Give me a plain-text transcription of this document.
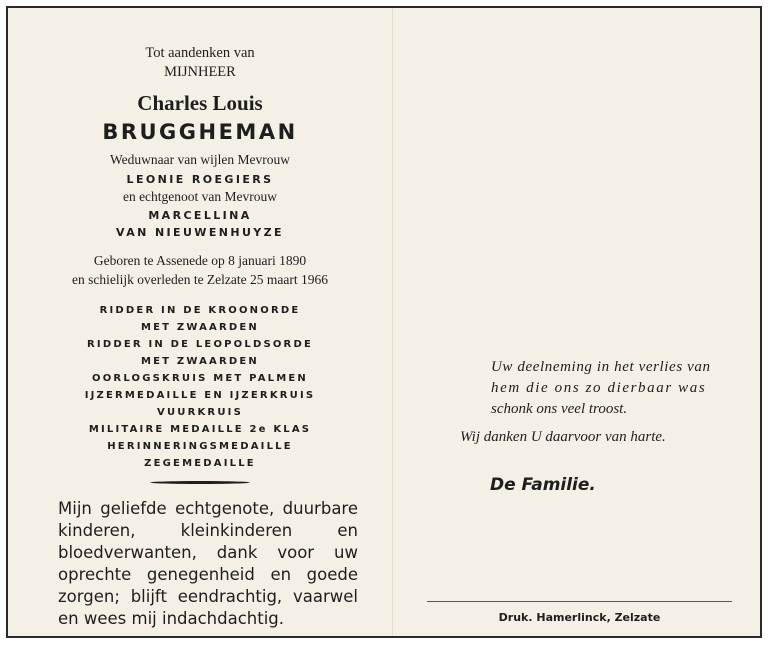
Tot aandenken van
MIJNHEER
Charles Louis
BRUGGHEMAN
Weduwnaar van wijlen Mevrouw
LEONIE ROEGIERS
en echtgenoot van Mevrouw
MARCELLINA
VAN NIEUWENHUYZE
Geboren te Assenede op 8 januari 1890
en schielijk overleden te Zelzate 25 maart 1966
RIDDER IN DE KROONORDE
MET ZWAARDEN
RIDDER IN DE LEOPOLDSORDE
MET ZWAARDEN
OORLOGSKRUIS MET PALMEN
IJZERMEDAILLE EN IJZERKRUIS
VUURKRUIS
MILITAIRE MEDAILLE 2e KLAS
HERINNERINGSMEDAILLE
ZEGEMEDAILLE
Mijn geliefde echtgenote, duurbare kinderen, kleinkinderen en bloedverwanten, dank voor uw oprechte genegenheid en goede zorgen; blijft eendrachtig, vaarwel en wees mij indachdachtig.
Uw deelneming in het verlies van
hem die ons zo dierbaar was
schonk ons veel troost.
Wij danken U daarvoor van harte.
De Familie.
Druk. Hamerlinck, Zelzate
